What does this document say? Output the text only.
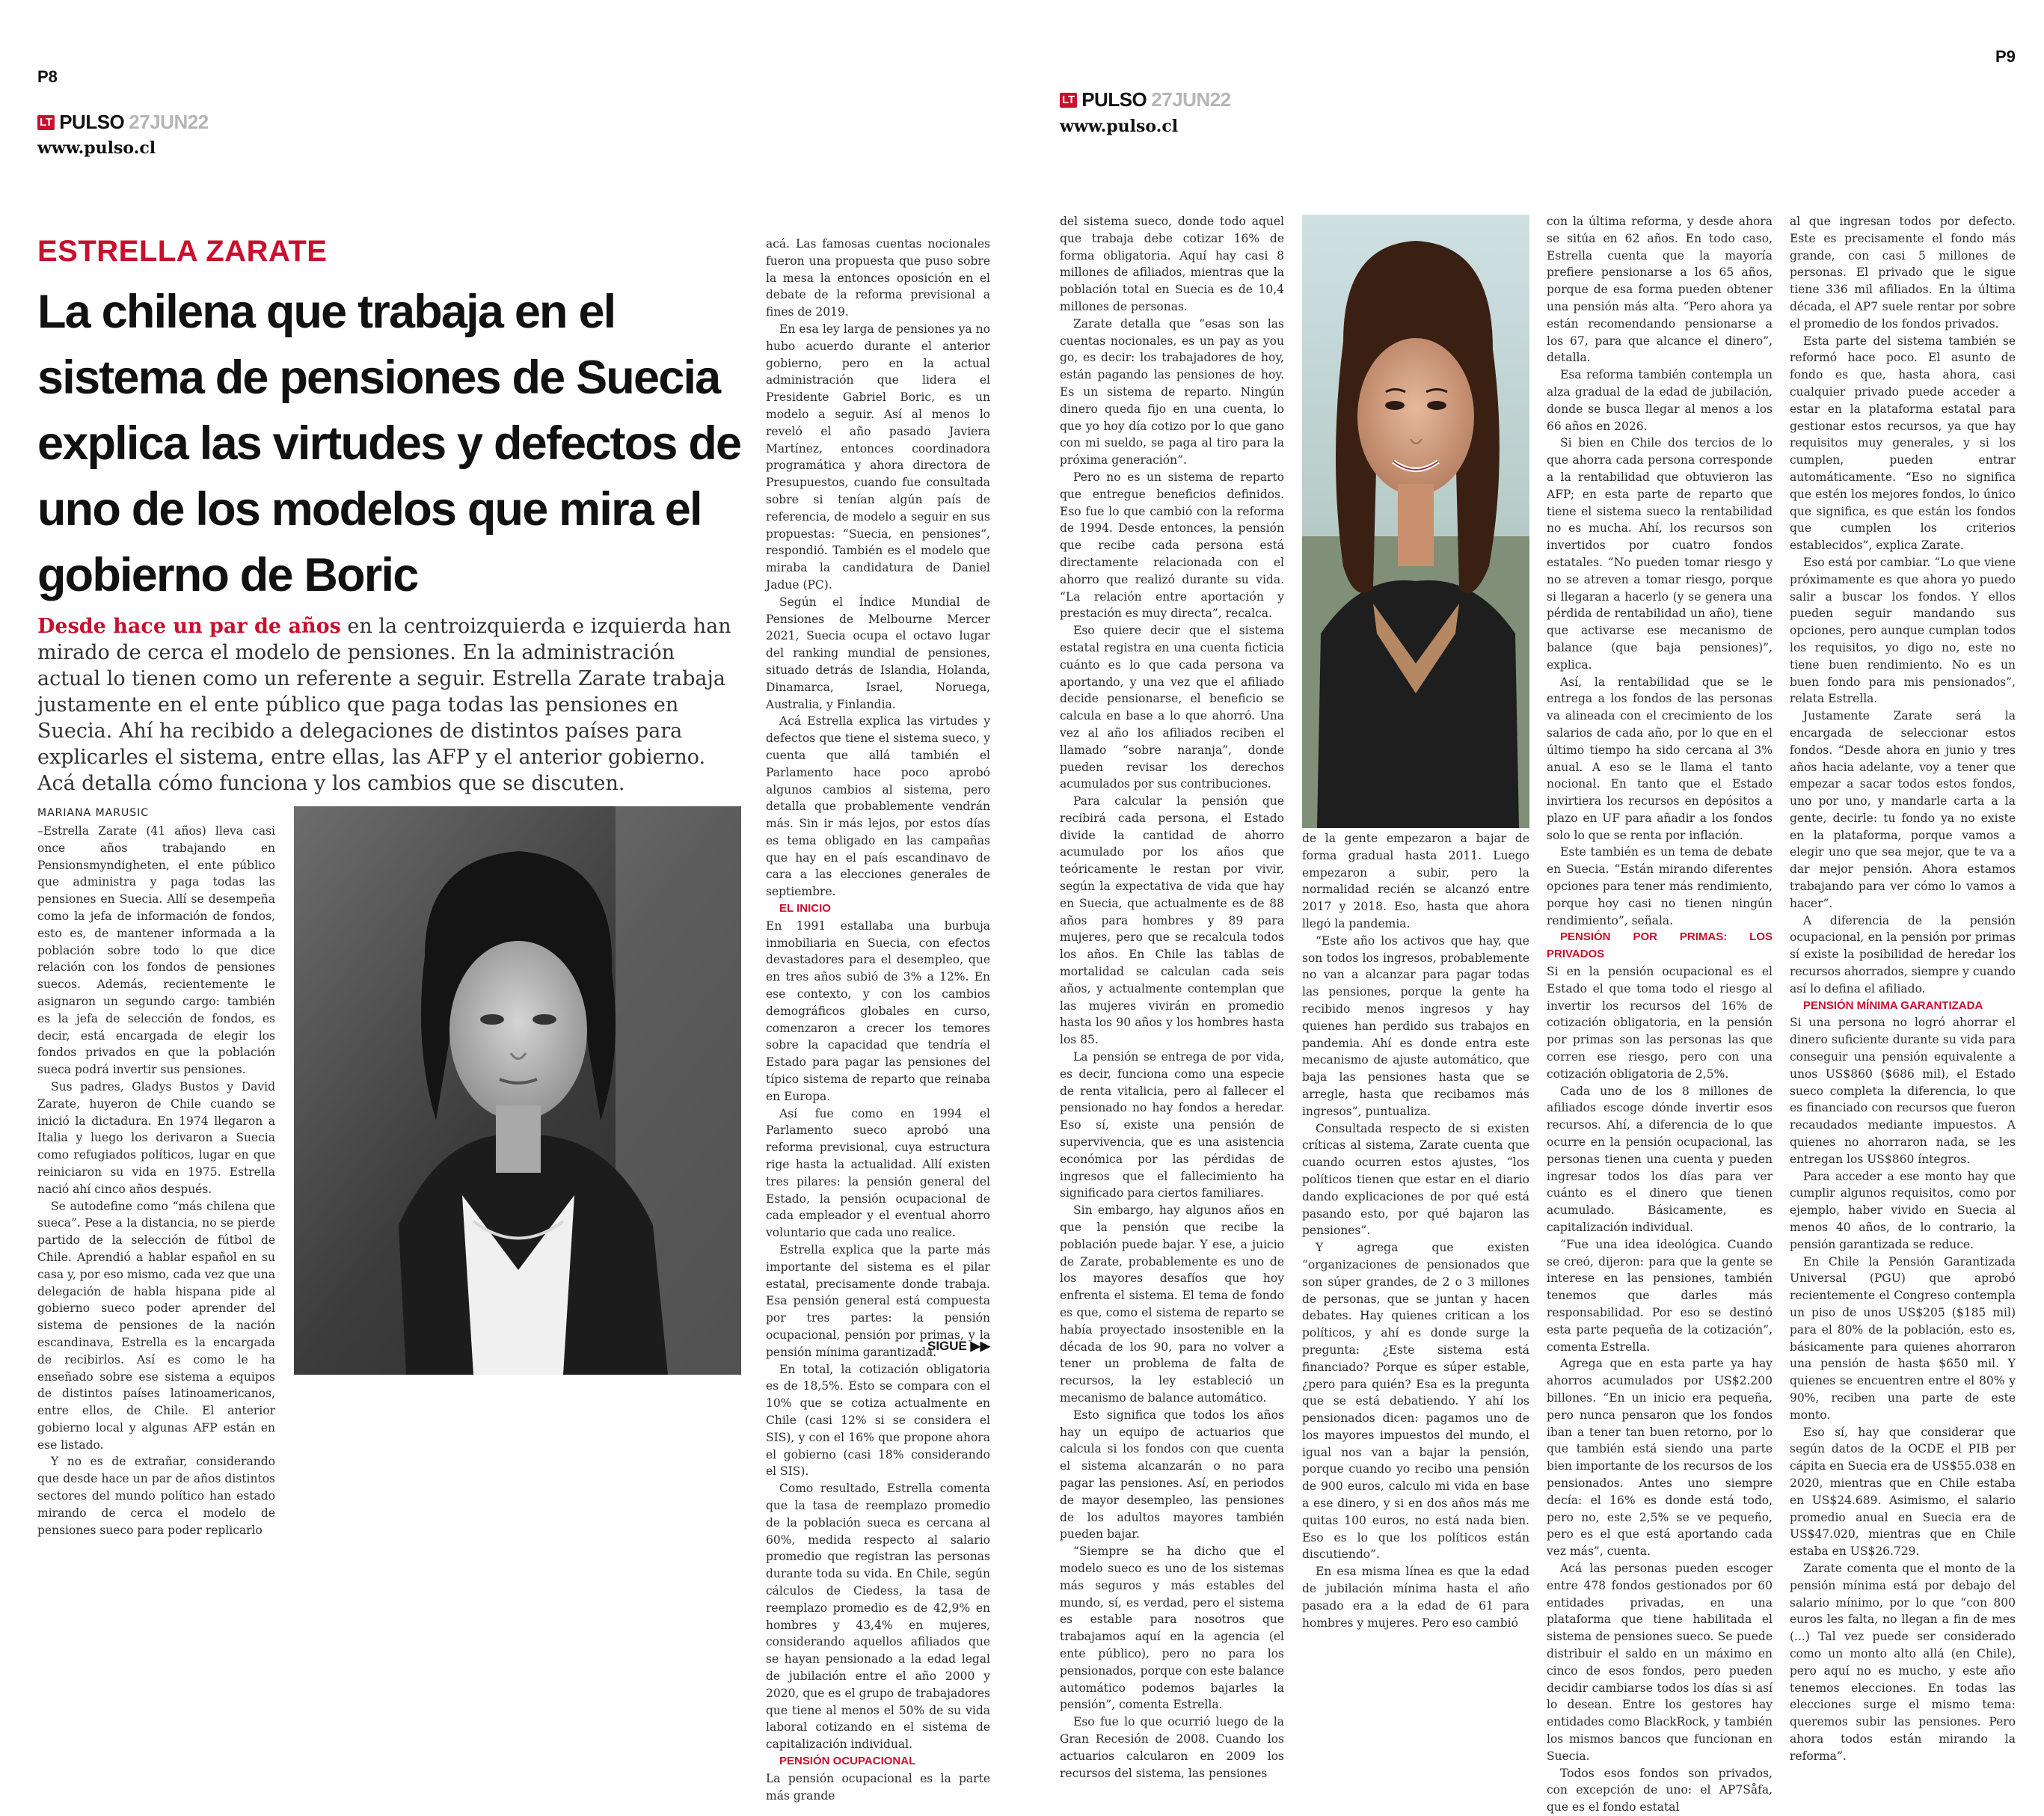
P8
LT PULSO 27JUN22
www.pulso.cl
ESTRELLA ZARATE
La chilena que trabaja en el sistema de pensiones de Suecia explica las virtudes y defectos de uno de los modelos que mira el gobierno de Boric
Desde hace un par de años en la centroizquierda e izquierda han mirado de cerca el modelo de pensiones. En la administración actual lo tienen como un referente a seguir. Estrella Zarate trabaja justamente en el ente público que paga todas las pensiones en Suecia. Ahí ha recibido a delegaciones de distintos países para explicarles el sistema, entre ellas, las AFP y el anterior gobierno. Acá detalla cómo funciona y los cambios que se discuten.
MARIANA MARUSIC

–Estrella Zarate (41 años) lleva casi once años trabajando en Pensionsmyndigheten, el ente público que administra y paga todas las pensiones en Suecia. Allí se desempeña como la jefa de información de fondos, esto es, de mantener informada a la población sobre todo lo que dice relación con los fondos de pensiones suecos. Además, recientemente le asignaron un segundo cargo: también es la jefa de selección de fondos, es decir, está encargada de elegir los fondos privados en que la población sueca podrá invertir sus pensiones.

Sus padres, Gladys Bustos y David Zarate, huyeron de Chile cuando se inició la dictadura. En 1974 llegaron a Italia y luego los derivaron a Suecia como refugiados políticos, lugar en que reiniciaron su vida en 1975. Estrella nació ahí cinco años después.

Se autodefine como “más chilena que sueca”. Pese a la distancia, no se pierde partido de la selección de fútbol de Chile. Aprendió a hablar español en su casa y, por eso mismo, cada vez que una delegación de habla hispana pide al gobierno sueco poder aprender del sistema de pensiones de la nación escandinava, Estrella es la encargada de recibirlos. Así es como le ha enseñado sobre ese sistema a equipos de distintos países latinoamericanos, entre ellos, de Chile. El anterior gobierno local y algunas AFP están en ese listado.

Y no es de extrañar, considerando que desde hace un par de años distintos sectores del mundo político han estado mirando de cerca el modelo de pensiones sueco para poder replicarlo

acá. Las famosas cuentas nocionales fueron una propuesta que puso sobre la mesa la entonces oposición en el debate de la reforma previsional a fines de 2019.

En esa ley larga de pensiones ya no hubo acuerdo durante el anterior gobierno, pero en la actual administración que lidera el Presidente Gabriel Boric, es un modelo a seguir. Así al menos lo reveló el año pasado Javiera Martínez, entonces coordinadora programática y ahora directora de Presupuestos, cuando fue consultada sobre si tenían algún país de referencia, de modelo a seguir en sus propuestas: “Suecia, en pensiones”, respondió. También es el modelo que miraba la candidatura de Daniel Jadue (PC).

Según el Índice Mundial de Pensiones de Melbourne Mercer 2021, Suecia ocupa el octavo lugar del ranking mundial de pensiones, situado detrás de Islandia, Holanda, Dinamarca, Israel, Noruega, Australia, y Finlandia.

Acá Estrella explica las virtudes y defectos que tiene el sistema sueco, y cuenta que allá también el Parlamento hace poco aprobó algunos cambios al sistema, pero detalla que probablemente vendrán más. Sin ir más lejos, por estos días es tema obligado en las campañas que hay en el país escandinavo de cara a las elecciones generales de septiembre.

EL INICIO

En 1991 estallaba una burbuja inmobiliaria en Suecia, con efectos devastadores para el desempleo, que en tres años subió de 3% a 12%. En ese contexto, y con los cambios demográficos globales en curso, comenzaron a crecer los temores sobre la capacidad que tendría el Estado para pagar las pensiones del típico sistema de reparto que reinaba en Europa.

Así fue como en 1994 el Parlamento sueco aprobó una reforma previsional, cuya estructura rige hasta la actualidad. Allí existen tres pilares: la pensión general del Estado, la pensión ocupacional de cada empleador y el eventual ahorro voluntario que cada uno realice.

Estrella explica que la parte más importante del sistema es el pilar estatal, precisamente donde trabaja. Esa pensión general está compuesta por tres partes: la pensión ocupacional, pensión por primas, y la pensión mínima garantizada.

En total, la cotización obligatoria es de 18,5%. Esto se compara con el 10% que se cotiza actualmente en Chile (casi 12% si se considera el SIS), y con el 16% que propone ahora el gobierno (casi 18% considerando el SIS).

Como resultado, Estrella comenta que la tasa de reemplazo promedio de la población sueca es cercana al 60%, medida respecto al salario promedio que registran las personas durante toda su vida. En Chile, según cálculos de Ciedess, la tasa de reemplazo promedio es de 42,9% en hombres y 43,4% en mujeres, considerando aquellos afiliados que se hayan pensionado a la edad legal de jubilación entre el año 2000 y 2020, que es el grupo de trabajadores que tiene al menos el 50% de su vida laboral cotizando en el sistema de capitalización individual.

PENSIÓN OCUPACIONAL

La pensión ocupacional es la parte más grande

SIGUE ▶▶
P9
LT PULSO 27JUN22
www.pulso.cl

del sistema sueco, donde todo aquel que trabaja debe cotizar 16% de forma obligatoria. Aquí hay casi 8 millones de afiliados, mientras que la población total en Suecia es de 10,4 millones de personas.

Zarate detalla que “esas son las cuentas nocionales, es un pay as you go, es decir: los trabajadores de hoy, están pagando las pensiones de hoy. Es un sistema de reparto. Ningún dinero queda fijo en una cuenta, lo que yo hoy día cotizo por lo que gano con mi sueldo, se paga al tiro para la próxima generación”.

Pero no es un sistema de reparto que entregue beneficios definidos. Eso fue lo que cambió con la reforma de 1994. Desde entonces, la pensión que recibe cada persona está directamente relacionada con el ahorro que realizó durante su vida. “La relación entre aportación y prestación es muy directa”, recalca.

Eso quiere decir que el sistema estatal registra en una cuenta ficticia cuánto es lo que cada persona va aportando, y una vez que el afiliado decide pensionarse, el beneficio se calcula en base a lo que ahorró. Una vez al año los afiliados reciben el llamado “sobre naranja”, donde pueden revisar los derechos acumulados por sus contribuciones.

Para calcular la pensión que recibirá cada persona, el Estado divide la cantidad de ahorro acumulado por los años que teóricamente le restan por vivir, según la expectativa de vida que hay en Suecia, que actualmente es de 88 años para hombres y 89 para mujeres, pero que se recalcula todos los años. En Chile las tablas de mortalidad se calculan cada seis años, y actualmente contemplan que las mujeres vivirán en promedio hasta los 90 años y los hombres hasta los 85.

La pensión se entrega de por vida, es decir, funciona como una especie de renta vitalicia, pero al fallecer el pensionado no hay fondos a heredar. Eso sí, existe una pensión de supervivencia, que es una asistencia económica por las pérdidas de ingresos que el fallecimiento ha significado para ciertos familiares.

Sin embargo, hay algunos años en que la pensión que recibe la población puede bajar. Y ese, a juicio de Zarate, probablemente es uno de los mayores desafíos que hoy enfrenta el sistema. El tema de fondo es que, como el sistema de reparto se había proyectado insostenible en la década de los 90, para no volver a tener un problema de falta de recursos, la ley estableció un mecanismo de balance automático.

Esto significa que todos los años hay un equipo de actuarios que calcula si los fondos con que cuenta el sistema alcanzarán o no para pagar las pensiones. Así, en periodos de mayor desempleo, las pensiones de los adultos mayores también pueden bajar.

“Siempre se ha dicho que el modelo sueco es uno de los sistemas más seguros y más estables del mundo, sí, es verdad, pero el sistema es estable para nosotros que trabajamos aquí en la agencia (el ente público), pero no para los pensionados, porque con este balance automático podemos bajarles la pensión”, comenta Estrella.

Eso fue lo que ocurrió luego de la Gran Recesión de 2008. Cuando los actuarios calcularon en 2009 los recursos del sistema, las pensiones

de la gente empezaron a bajar de forma gradual hasta 2011. Luego empezaron a subir, pero la normalidad recién se alcanzó entre 2017 y 2018. Eso, hasta que ahora llegó la pandemia.

“Este año los activos que hay, que son todos los ingresos, probablemente no van a alcanzar para pagar todas las pensiones, porque la gente ha recibido menos ingresos y hay quienes han perdido sus trabajos en pandemia. Ahí es donde entra este mecanismo de ajuste automático, que baja las pensiones hasta que se arregle, hasta que recibamos más ingresos”, puntualiza.

Consultada respecto de si existen críticas al sistema, Zarate cuenta que cuando ocurren estos ajustes, “los políticos tienen que estar en el diario dando explicaciones de por qué está pasando esto, por qué bajaron las pensiones”.

Y agrega que existen “organizaciones de pensionados que son súper grandes, de 2 o 3 millones de personas, que se juntan y hacen debates. Hay quienes critican a los políticos, y ahí es donde surge la pregunta: ¿Este sistema está financiado? Porque es súper estable, ¿pero para quién? Esa es la pregunta que se está debatiendo. Y ahí los pensionados dicen: pagamos uno de los mayores impuestos del mundo, el igual nos van a bajar la pensión, porque cuando yo recibo una pensión de 900 euros, calculo mi vida en base a ese dinero, y si en dos años más me quitas 100 euros, no está nada bien. Eso es lo que los políticos están discutiendo”.

En esa misma línea es que la edad de jubilación mínima hasta el año pasado era a la edad de 61 para hombres y mujeres. Pero eso cambió

con la última reforma, y desde ahora se sitúa en 62 años. En todo caso, Estrella cuenta que la mayoría prefiere pensionarse a los 65 años, porque de esa forma pueden obtener una pensión más alta. “Pero ahora ya están recomendando pensionarse a los 67, para que alcance el dinero”, detalla.

Esa reforma también contempla un alza gradual de la edad de jubilación, donde se busca llegar al menos a los 66 años en 2026.

Si bien en Chile dos tercios de lo que ahorra cada persona corresponde a la rentabilidad que obtuvieron las AFP; en esta parte de reparto que tiene el sistema sueco la rentabilidad no es mucha. Ahí, los recursos son invertidos por cuatro fondos estatales. “No pueden tomar riesgo y no se atreven a tomar riesgo, porque si llegaran a hacerlo (y se genera una pérdida de rentabilidad un año), tiene que activarse ese mecanismo de balance (que baja pensiones)”, explica.

Así, la rentabilidad que se le entrega a los fondos de las personas va alineada con el crecimiento de los salarios de cada año, por lo que en el último tiempo ha sido cercana al 3% anual. A eso se le llama el tanto nocional. En tanto que el Estado invirtiera los recursos en depósitos a plazo en UF para añadir a los fondos solo lo que se renta por inflación.

Este también es un tema de debate en Suecia. “Están mirando diferentes opciones para tener más rendimiento, porque hoy casi no tienen ningún rendimiento”, señala.

PENSIÓN POR PRIMAS: LOS PRIVADOS

Si en la pensión ocupacional es el Estado el que toma todo el riesgo al invertir los recursos del 16% de cotización obligatoria, en la pensión por primas son las personas las que corren ese riesgo, pero con una cotización obligatoria de 2,5%.

Cada uno de los 8 millones de afiliados escoge dónde invertir esos recursos. Ahí, a diferencia de lo que ocurre en la pensión ocupacional, las personas tienen una cuenta y pueden ingresar todos los días para ver cuánto es el dinero que tienen acumulado. Básicamente, es capitalización individual.

“Fue una idea ideológica. Cuando se creó, dijeron: para que la gente se interese en las pensiones, también tenemos que darles más responsabilidad. Por eso se destinó esta parte pequeña de la cotización”, comenta Estrella.

Agrega que en esta parte ya hay ahorros acumulados por US$2.200 billones. “En un inicio era pequeña, pero nunca pensaron que los fondos iban a tener tan buen retorno, por lo que también está siendo una parte bien importante de los recursos de los pensionados. Antes uno siempre decía: el 16% es donde está todo, pero no, este 2,5% se ve pequeño, pero es el que está aportando cada vez más”, cuenta.

Acá las personas pueden escoger entre 478 fondos gestionados por 60 entidades privadas, en una plataforma que tiene habilitada el sistema de pensiones sueco. Se puede distribuir el saldo en un máximo en cinco de esos fondos, pero pueden decidir cambiarse todos los días si así lo desean. Entre los gestores hay entidades como BlackRock, y también los mismos bancos que funcionan en Suecia.

Todos esos fondos son privados, con excepción de uno: el AP7Såfa, que es el fondo estatal

al que ingresan todos por defecto. Este es precisamente el fondo más grande, con casi 5 millones de personas. El privado que le sigue tiene 336 mil afiliados. En la última década, el AP7 suele rentar por sobre el promedio de los fondos privados.

Esta parte del sistema también se reformó hace poco. El asunto de fondo es que, hasta ahora, casi cualquier privado puede acceder a estar en la plataforma estatal para gestionar estos recursos, ya que hay requisitos muy generales, y si los cumplen, pueden entrar automáticamente. “Eso no significa que estén los mejores fondos, lo único que significa, es que están los fondos que cumplen los criterios establecidos”, explica Zarate.

Eso está por cambiar. “Lo que viene próximamente es que ahora yo puedo salir a buscar los fondos. Y ellos pueden seguir mandando sus opciones, pero aunque cumplan todos los requisitos, yo digo no, este no tiene buen rendimiento. No es un buen fondo para mis pensionados”, relata Estrella.

Justamente Zarate será la encargada de seleccionar estos fondos. “Desde ahora en junio y tres años hacia adelante, voy a tener que empezar a sacar todos estos fondos, uno por uno, y mandarle carta a la gente, decirle: tu fondo ya no existe en la plataforma, porque vamos a elegir uno que sea mejor, que te va a dar mejor pensión. Ahora estamos trabajando para ver cómo lo vamos a hacer”.

A diferencia de la pensión ocupacional, en la pensión por primas sí existe la posibilidad de heredar los recursos ahorrados, siempre y cuando así lo defina el afiliado.

PENSIÓN MÍNIMA GARANTIZADA

Si una persona no logró ahorrar el dinero suficiente durante su vida para conseguir una pensión equivalente a unos US$860 ($686 mil), el Estado sueco completa la diferencia, lo que es financiado con recursos que fueron recaudados mediante impuestos. A quienes no ahorraron nada, se les entregan los US$860 íntegros.

Para acceder a ese monto hay que cumplir algunos requisitos, como por ejemplo, haber vivido en Suecia al menos 40 años, de lo contrario, la pensión garantizada se reduce.

En Chile la Pensión Garantizada Universal (PGU) que aprobó recientemente el Congreso contempla un piso de unos US$205 ($185 mil) para el 80% de la población, esto es, básicamente para quienes ahorraron una pensión de hasta $650 mil. Y quienes se encuentren entre el 80% y 90%, reciben una parte de este monto.

Eso sí, hay que considerar que según datos de la OCDE el PIB per cápita en Suecia era de US$55.038 en 2020, mientras que en Chile estaba en US$24.689. Asimismo, el salario promedio anual en Suecia era de US$47.020, mientras que en Chile estaba en US$26.729.

Zarate comenta que el monto de la pensión mínima está por debajo del salario mínimo, por lo que “con 800 euros les falta, no llegan a fin de mes (...) Tal vez puede ser considerado como un monto alto allá (en Chile), pero aquí no es mucho, y este año tenemos elecciones. En todas las elecciones surge el mismo tema: queremos subir las pensiones. Pero ahora todos están mirando la reforma”.
